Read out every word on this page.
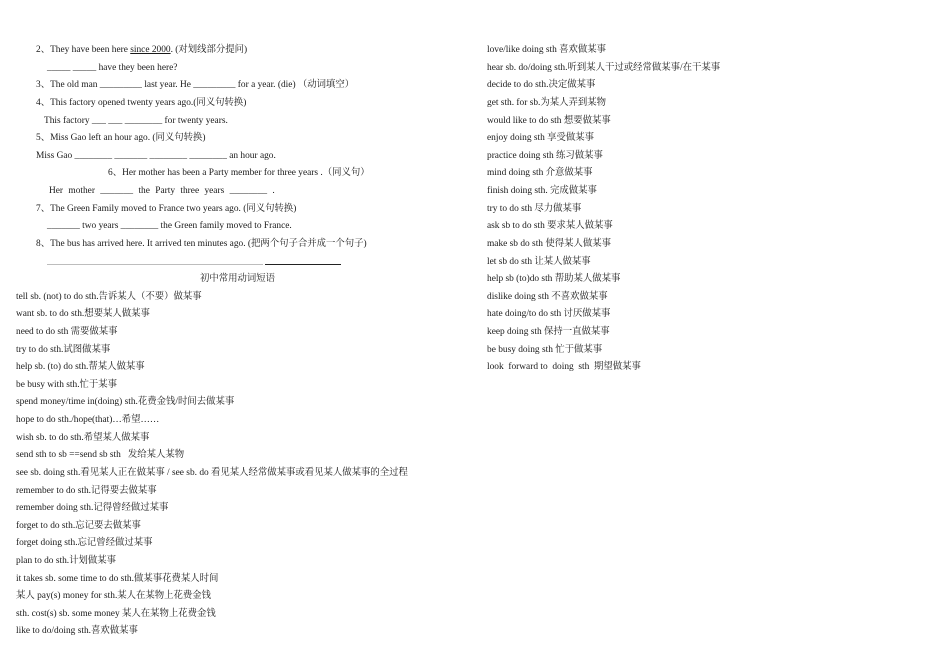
2、They have been here since 2000. (对划线部分提问)
_____ _____ have they been here?
3、The old man _________ last year. He _________ for a year. (die) （动词填空）
4、This factory opened twenty years ago.(同义句转换)
This factory ___ ___ ________ for twenty years.
5、Miss Gao left an hour ago. (同义句转换)
Miss Gao ________ _______ ________ ________ an hour ago.
6、Her mother has been a Party member for three years .（同义句）
Her mother _______ the Party three years ________ .
7、The Green Family moved to France two years ago. (同义句转换)
_______ two years ________ the Green family moved to France.
8、The bus has arrived here. It arrived ten minutes ago. (把两个句子合并成一个句子)
初中常用动词短语
tell sb. (not) to do sth.告诉某人（不要）做某事
want sb. to do sth.想要某人做某事
need to do sth 需要做某事
try to do sth.试图做某事
help sb. (to) do sth.帮某人做某事
be busy with sth.忙于某事
spend money/time in(doing) sth.花费金钱/时间去做某事
hope to do sth./hope(that)…希望……
wish sb. to do sth.希望某人做某事
send sth to sb ==send sb sth   发给某人某物
see sb. doing sth.看见某人正在做某事 / see sb. do 看见某人经常做某事或看见某人做某事的全过程
remember to do sth.记得要去做某事
remember doing sth.记得曾经做过某事
forget to do sth.忘记要去做某事
forget doing sth.忘记曾经做过某事
plan to do sth.计划做某事
it takes sb. some time to do sth.做某事花费某人时间
某人 pay(s) money for sth.某人在某物上花费金钱
sth. cost(s) sb. some money 某人在某物上花费金钱
like to do/doing sth.喜欢做某事
love/like doing sth 喜欢做某事
hear sb. do/doing sth.听到某人干过或经常做某事/在干某事
decide to do sth.决定做某事
get sth. for sb.为某人弄到某物
would like to do sth 想要做某事
enjoy doing sth 享受做某事
practice doing sth 练习做某事
mind doing sth 介意做某事
finish doing sth. 完成做某事
try to do sth 尽力做某事
ask sb to do sth 要求某人做某事
make sb do sth 使得某人做某事
let sb do sth 让某人做某事
help sb (to)do sth 帮助某人做某事
dislike doing sth 不喜欢做某事
hate doing/to do sth 讨厌做某事
keep doing sth 保持一直做某事
be busy doing sth 忙于做某事
look  forward to  doing  sth  期望做某事
